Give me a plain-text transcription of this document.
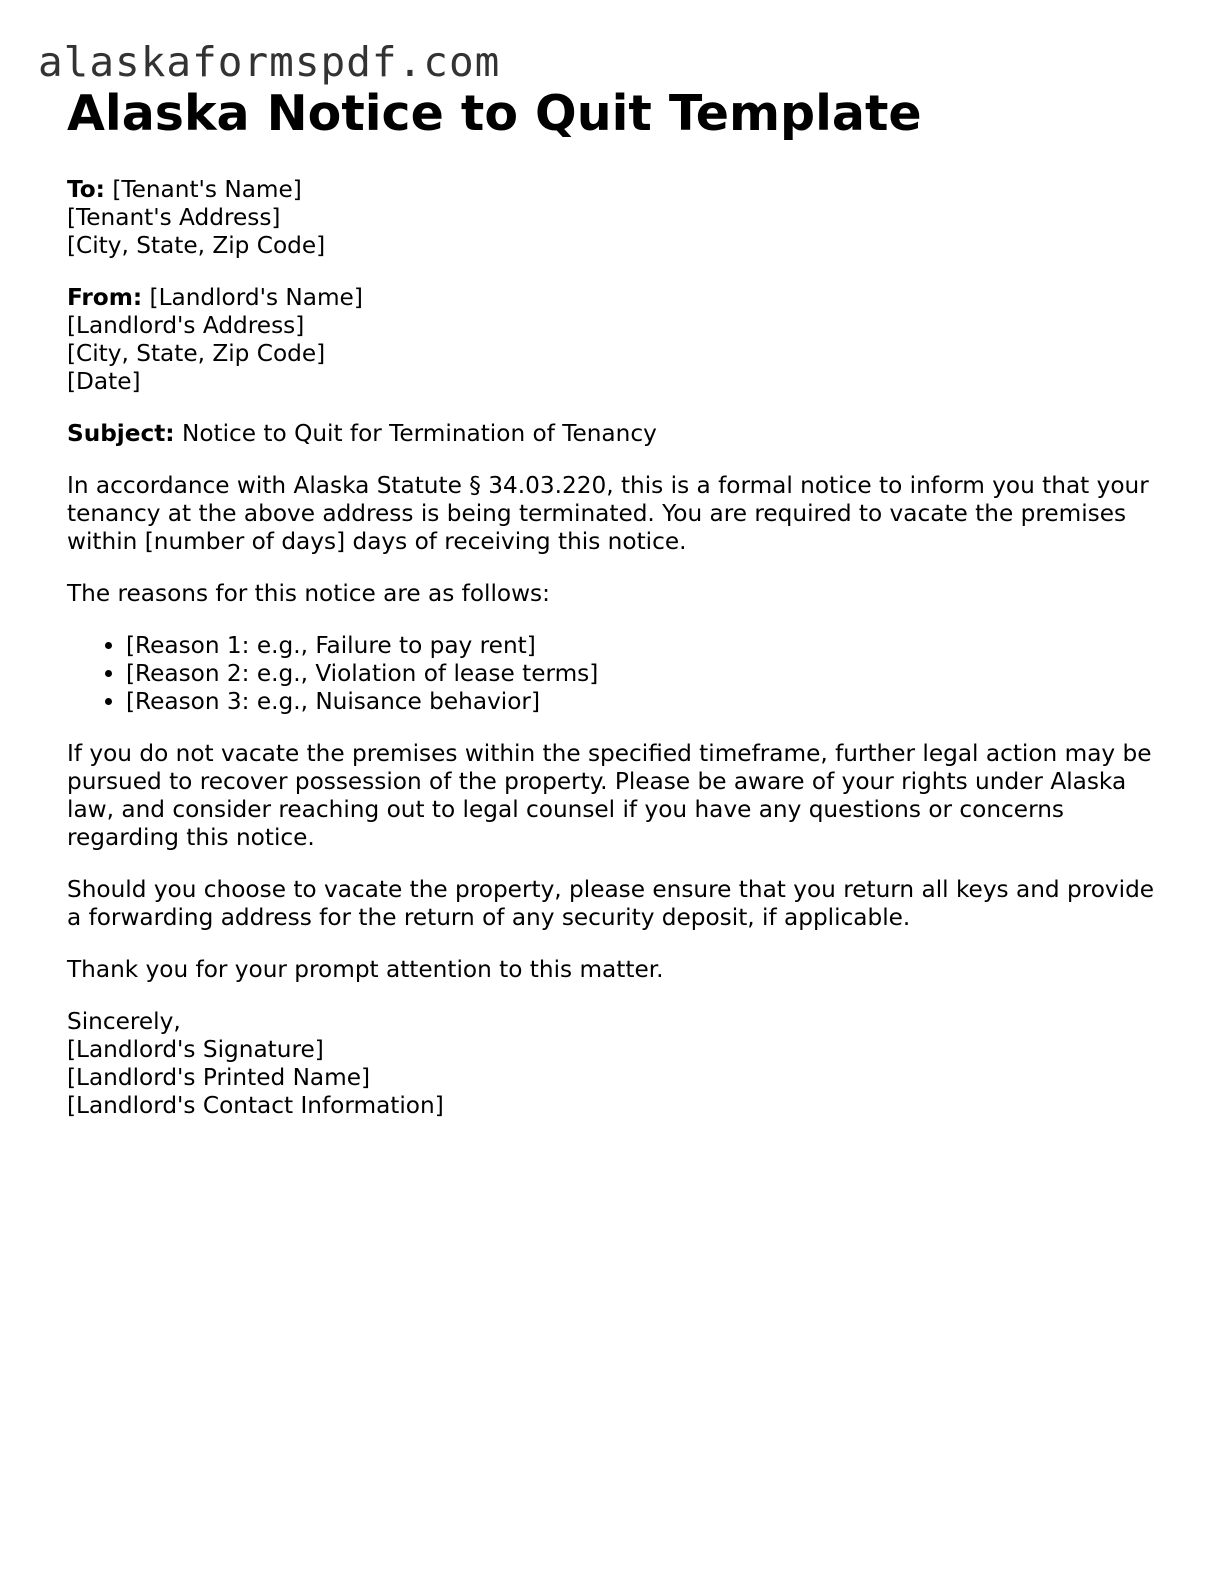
alaskaformspdf.com
Alaska Notice to Quit Template
To: [Tenant's Name]
[Tenant's Address]
[City, State, Zip Code]
From: [Landlord's Name]
[Landlord's Address]
[City, State, Zip Code]
[Date]

Subject: Notice to Quit for Termination of Tenancy

In accordance with Alaska Statute § 34.03.220, this is a formal notice to inform you that your tenancy at the above address is being terminated. You are required to vacate the premises within [number of days] days of receiving this notice.

The reasons for this notice are as follows:

• [Reason 1: e.g., Failure to pay rent]
• [Reason 2: e.g., Violation of lease terms]
• [Reason 3: e.g., Nuisance behavior]

If you do not vacate the premises within the specified timeframe, further legal action may be pursued to recover possession of the property. Please be aware of your rights under Alaska law, and consider reaching out to legal counsel if you have any questions or concerns regarding this notice.

Should you choose to vacate the property, please ensure that you return all keys and provide a forwarding address for the return of any security deposit, if applicable.

Thank you for your prompt attention to this matter.

Sincerely,
[Landlord's Signature]
[Landlord's Printed Name]
[Landlord's Contact Information]
